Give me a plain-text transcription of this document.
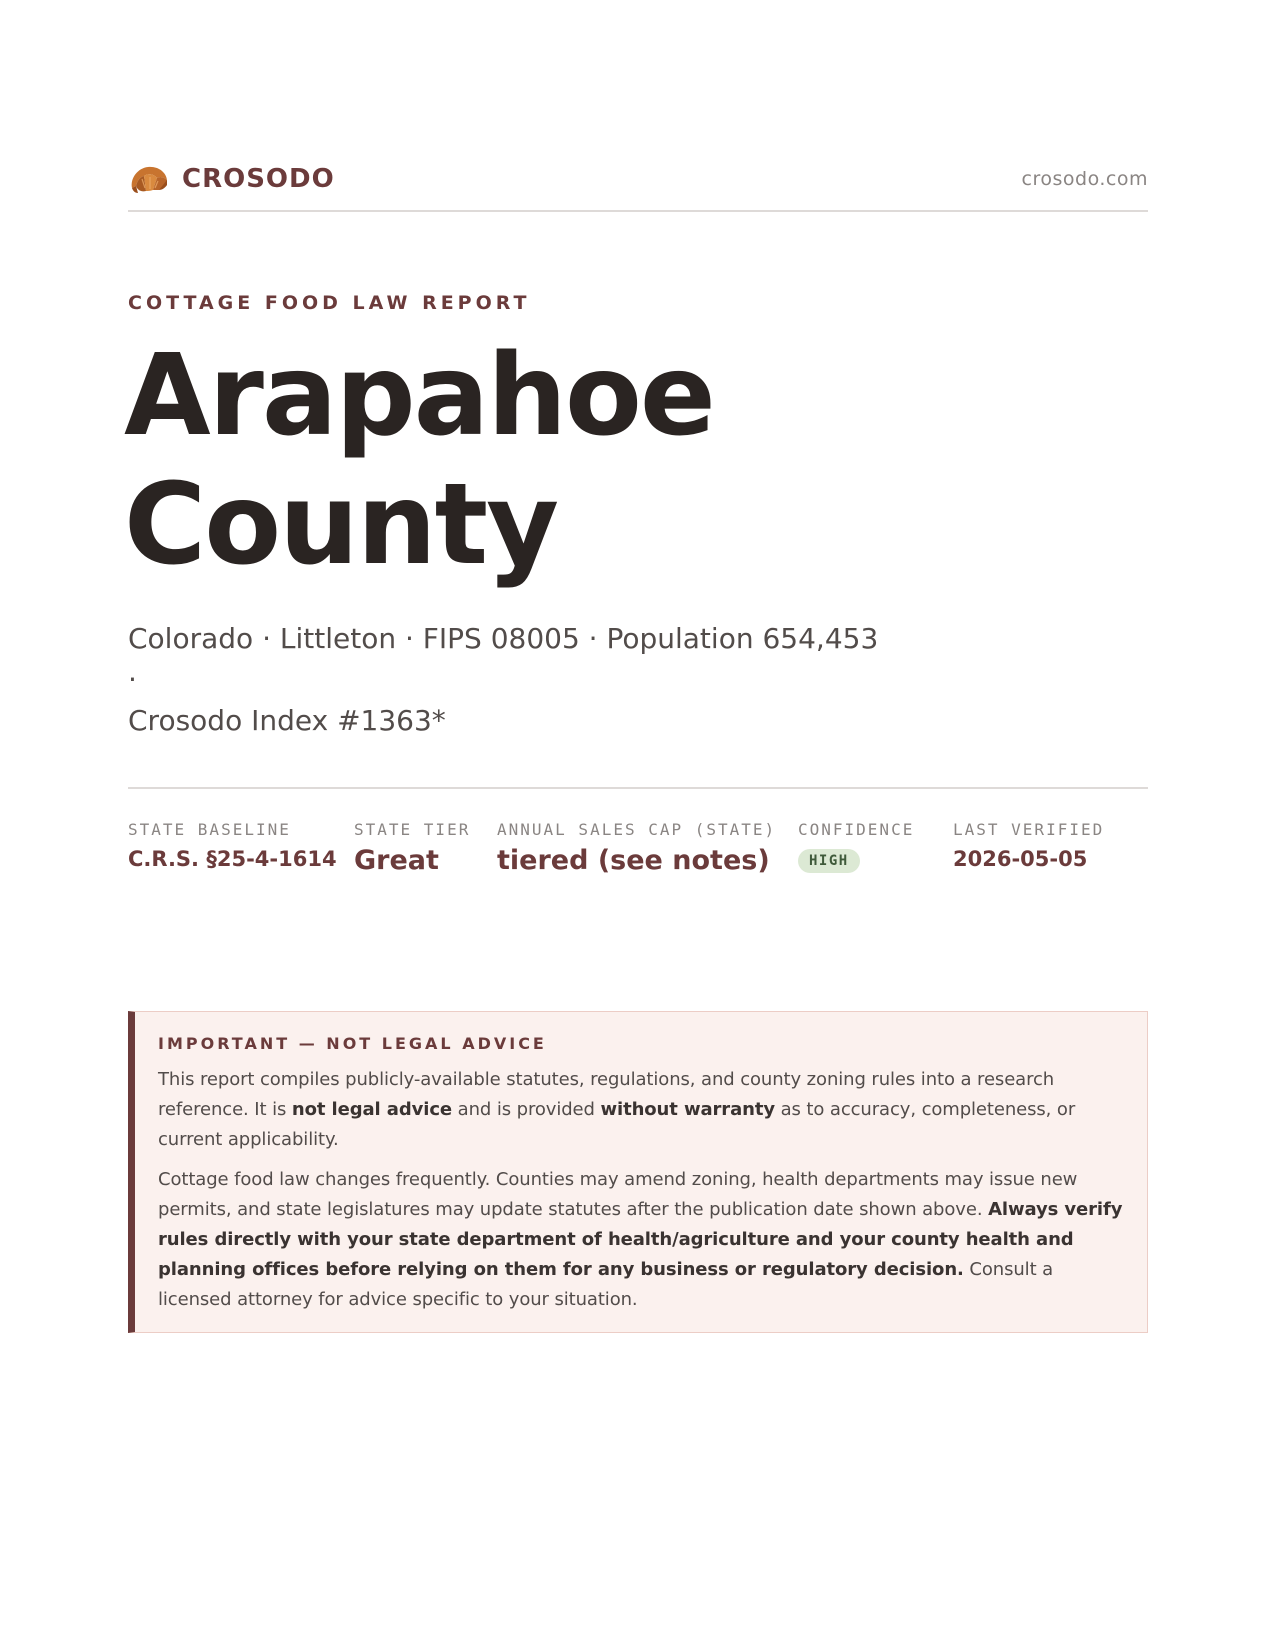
CROSODO	crosodo.com
COTTAGE FOOD LAW REPORT
Arapahoe County
Colorado · Littleton · FIPS 08005 · Population 654,453 ·
Crosodo Index #1363*
STATE BASELINE
C.R.S. §25-4-1614
STATE TIER
Great
ANNUAL SALES CAP (STATE)
tiered (see notes)
CONFIDENCE
HIGH
LAST VERIFIED
2026-05-05
IMPORTANT — NOT LEGAL ADVICE

This report compiles publicly-available statutes, regulations, and county zoning rules into a research reference. It is not legal advice and is provided without warranty as to accuracy, completeness, or current applicability.

Cottage food law changes frequently. Counties may amend zoning, health departments may issue new permits, and state legislatures may update statutes after the publication date shown above. Always verify rules directly with your state department of health/agriculture and your county health and planning offices before relying on them for any business or regulatory decision. Consult a licensed attorney for advice specific to your situation.
